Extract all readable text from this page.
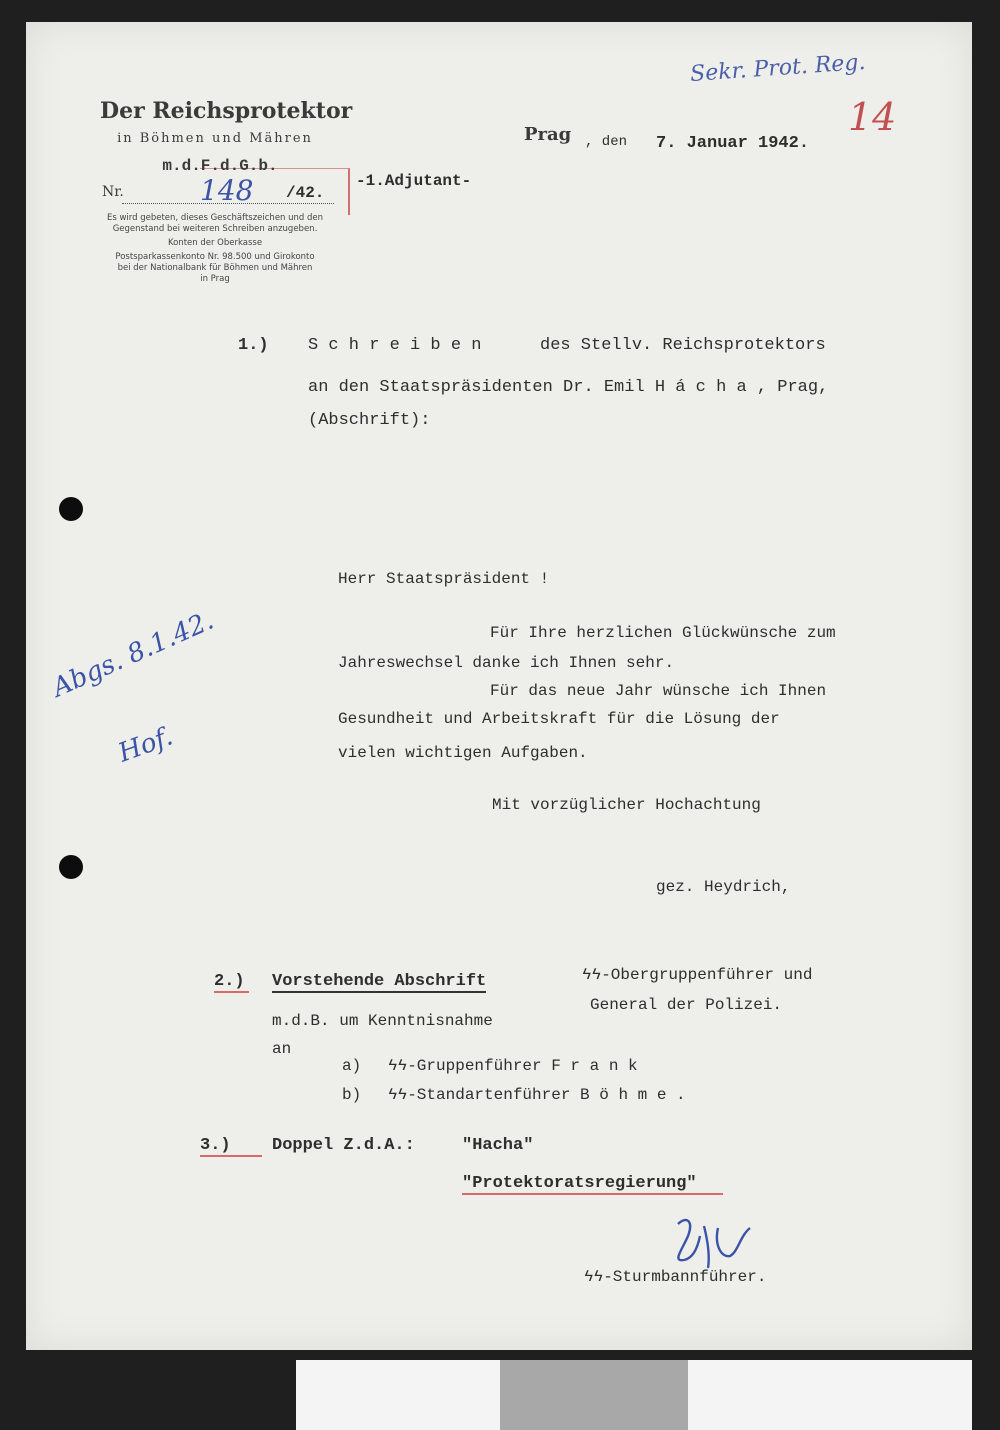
Der Reichsprotektor
in Böhmen und Mähren
m.d.F.d.G.b.
Nr.	148 /42.
Es wird gebeten, dieses Geschäftszeichen und den
Gegenstand bei weiteren Schreiben anzugeben.
Konten der Oberkasse
Postsparkassenkonto Nr. 98.500 und Girokonto
bei der Nationalbank für Böhmen und Mähren
in Prag
-1.Adjutant-
Prag , den 7. Januar 1942.
Sekr. Prot. Reg.
14
Abgs. 8.1.42.
Hof.
1.) S c h r e i b e n	des Stellv. Reichsprotektors
an den Staatspräsidenten Dr. Emil H á c h a , Prag,
(Abschrift):
Herr Staatspräsident !
Für Ihre herzlichen Glückwünsche zum
Jahreswechsel danke ich Ihnen sehr.
Für das neue Jahr wünsche ich Ihnen
Gesundheit und Arbeitskraft für die Lösung der
vielen wichtigen Aufgaben.
Mit vorzüglicher Hochachtung
gez. Heydrich,
2.) Vorstehende Abschrift	ϟϟ-Obergruppenführer und
General der Polizei.
m.d.B. um Kenntnisnahme
an
a) ϟϟ-Gruppenführer F r a n k
b) ϟϟ-Standartenführer B ö h m e .
3.)	Doppel Z.d.A.:	"Hacha"
"Protektoratsregierung"
ϟϟ-Sturmbannführer.
